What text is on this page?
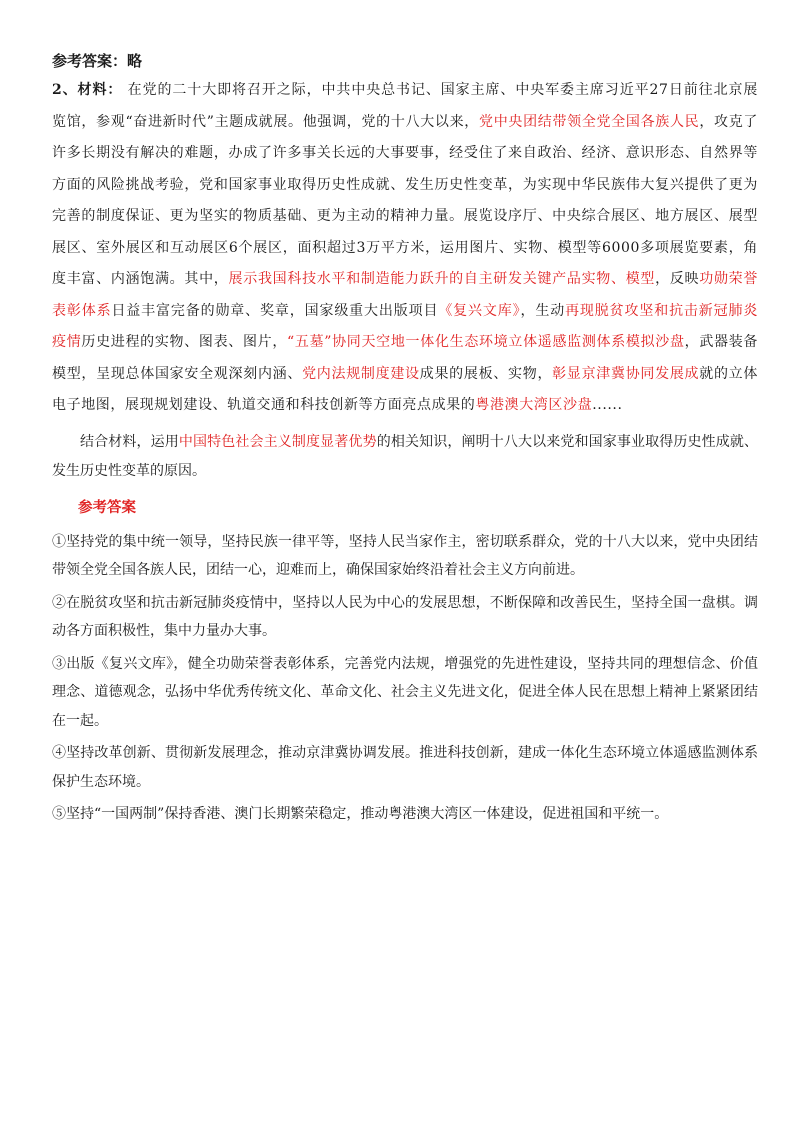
参考答案：略

2、材料： 在党的二十大即将召开之际，中共中央总书记、国家主席、中央军委主席习近平27日前往北京展览馆，参观“奋进新时代”主题成就展。他强调，党的十八大以来，党中央团结带领全党全国各族人民，攻克了许多长期没有解决的难题，办成了许多事关长远的大事要事，经受住了来自政治、经济、意识形态、自然界等方面的风险挑战考验，党和国家事业取得历史性成就、发生历史性变革，为实现中华民族伟大复兴提供了更为完善的制度保证、更为坚实的物质基础、更为主动的精神力量。展览设序厅、中央综合展区、地方展区、展型展区、室外展区和互动展区6个展区，面积超过3万平方米，运用图片、实物、模型等6000多项展览要素，角度丰富、内涵饱满。其中，展示我国科技水平和制造能力跃升的自主研发关键产品实物、模型，反映功勋荣誉表彰体系日益丰富完备的勋章、奖章，国家级重大出版项目《复兴文库》，生动再现脱贫攻坚和抗击新冠肺炎疫情历史进程的实物、图表、图片，“五墓”协同天空地一体化生态环境立体遥感监测体系模拟沙盘，武器装备模型，呈现总体国家安全观深刻内涵、党内法规制度建设成果的展板、实物，彰显京津冀协同发展成就的立体电子地图，展现规划建设、轨道交通和科技创新等方面亮点成果的粤港澳大湾区沙盘......

结合材料，运用中国特色社会主义制度显著优势的相关知识，阐明十八大以来党和国家事业取得历史性成就、发生历史性变革的原因。

参考答案

①坚持党的集中统一领导，坚持民族一律平等，坚持人民当家作主，密切联系群众，党的十八大以来，党中央团结带领全党全国各族人民，团结一心，迎难而上，确保国家始终沿着社会主义方向前进。
②在脱贫攻坚和抗击新冠肺炎疫情中，坚持以人民为中心的发展思想，不断保障和改善民生，坚持全国一盘棋。调动各方面积极性，集中力量办大事。
③出版《复兴文库》，健全功勋荣誉表彰体系，完善党内法规，增强党的先进性建设，坚持共同的理想信念、价值理念、道德观念，弘扬中华优秀传统文化、革命文化、社会主义先进文化，促进全体人民在思想上精神上紧紧团结在一起。
④坚持改革创新、贯彻新发展理念，推动京津冀协调发展。推进科技创新，建成一体化生态环境立体遥感监测体系保护生态环境。
⑤坚持“一国两制”保持香港、澳门长期繁荣稳定，推动粤港澳大湾区一体建设，促进祖国和平统一。
